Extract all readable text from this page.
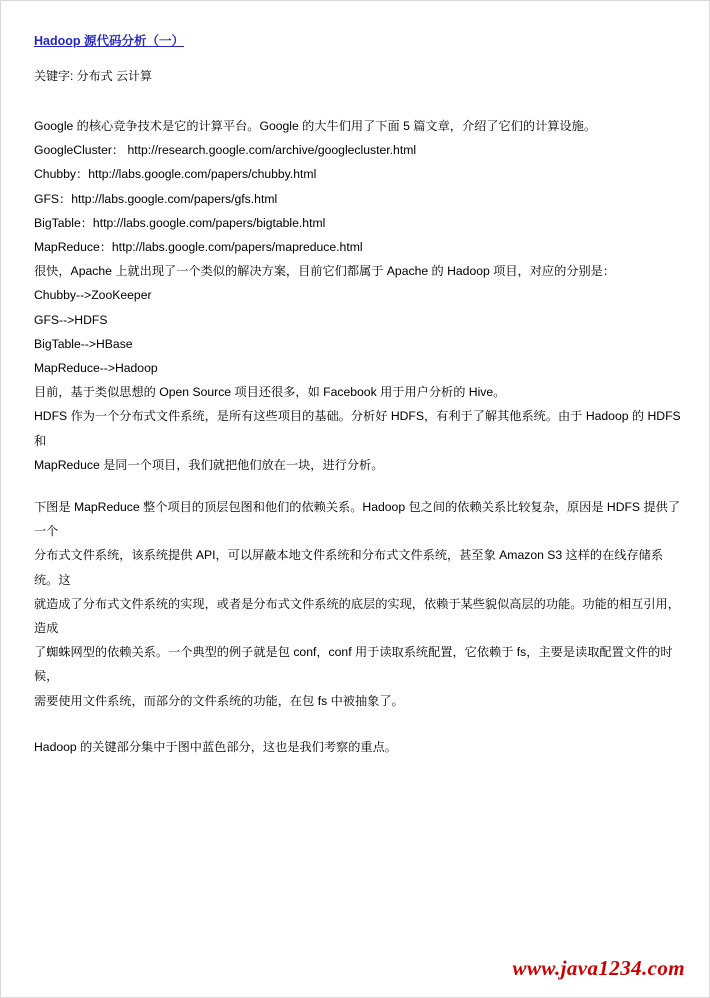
Hadoop 源代码分析（一）
关键字: 分布式 云计算
Google 的核心竞争技术是它的计算平台。Google 的大牛们用了下面 5 篇文章，介绍了它们的计算设施。
GoogleCluster： http://research.google.com/archive/googlecluster.html
Chubby：http://labs.google.com/papers/chubby.html
GFS：http://labs.google.com/papers/gfs.html
BigTable：http://labs.google.com/papers/bigtable.html
MapReduce：http://labs.google.com/papers/mapreduce.html
很快，Apache 上就出现了一个类似的解决方案，目前它们都属于 Apache 的 Hadoop 项目，对应的分别是：
Chubby-->ZooKeeper
GFS-->HDFS
BigTable-->HBase
MapReduce-->Hadoop
目前，基于类似思想的 Open Source 项目还很多，如 Facebook 用于用户分析的 Hive。
HDFS 作为一个分布式文件系统，是所有这些项目的基础。分析好 HDFS，有利于了解其他系统。由于 Hadoop 的 HDFS 和
MapReduce 是同一个项目，我们就把他们放在一块，进行分析。
下图是 MapReduce 整个项目的顶层包图和他们的依赖关系。Hadoop 包之间的依赖关系比较复杂，原因是 HDFS 提供了一个
分布式文件系统，该系统提供 API，可以屏蔽本地文件系统和分布式文件系统，甚至象 Amazon S3 这样的在线存储系统。这
就造成了分布式文件系统的实现，或者是分布式文件系统的底层的实现，依赖于某些貌似高层的功能。功能的相互引用，造成
了蜘蛛网型的依赖关系。一个典型的例子就是包 conf，conf 用于读取系统配置，它依赖于 fs，主要是读取配置文件的时候，
需要使用文件系统，而部分的文件系统的功能，在包 fs 中被抽象了。
Hadoop 的关键部分集中于图中蓝色部分，这也是我们考察的重点。
www.java1234.com
